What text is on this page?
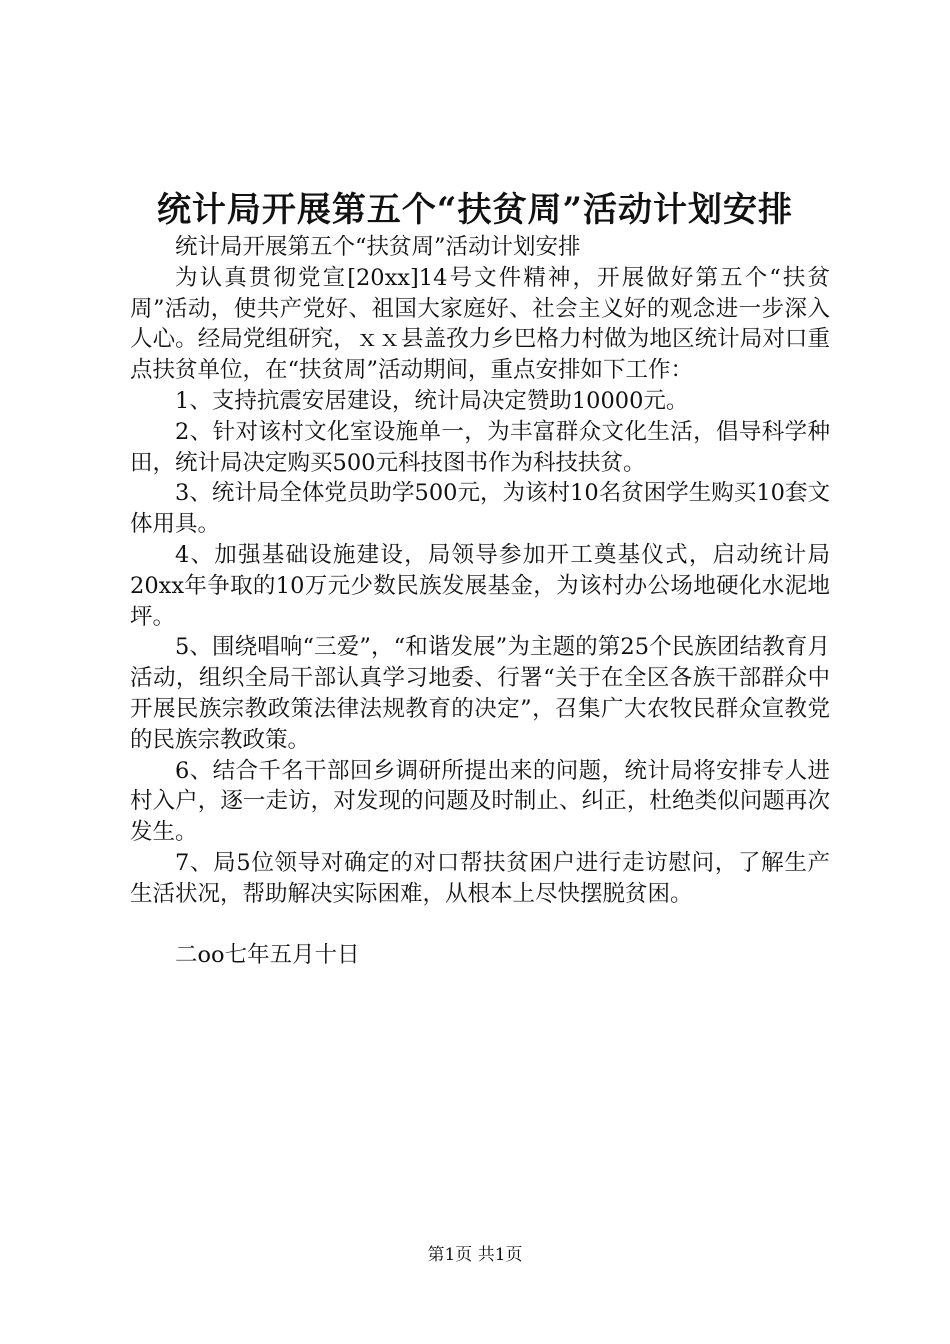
统计局开展第五个“扶贫周”活动计划安排

统计局开展第五个“扶贫周”活动计划安排

为认真贯彻党宣[20xx]14号文件精神，开展做好第五个“扶贫周”活动，使共产党好、祖国大家庭好、社会主义好的观念进一步深入人心。经局党组研究，ｘｘ县盖孜力乡巴格力村做为地区统计局对口重点扶贫单位，在“扶贫周”活动期间，重点安排如下工作：

1、支持抗震安居建设，统计局决定赞助10000元。

2、针对该村文化室设施单一，为丰富群众文化生活，倡导科学种田，统计局决定购买500元科技图书作为科技扶贫。

3、统计局全体党员助学500元，为该村10名贫困学生购买10套文体用具。

4、加强基础设施建设，局领导参加开工奠基仪式，启动统计局20xx年争取的10万元少数民族发展基金，为该村办公场地硬化水泥地坪。

5、围绕唱响“三爱”，“和谐发展”为主题的第25个民族团结教育月活动，组织全局干部认真学习地委、行署“关于在全区各族干部群众中开展民族宗教政策法律法规教育的决定”，召集广大农牧民群众宣教党的民族宗教政策。

6、结合千名干部回乡调研所提出来的问题，统计局将安排专人进村入户，逐一走访，对发现的问题及时制止、纠正，杜绝类似问题再次发生。

7、局5位领导对确定的对口帮扶贫困户进行走访慰问，了解生产生活状况，帮助解决实际困难，从根本上尽快摆脱贫困。

二oo七年五月十日
第1页 共1页
